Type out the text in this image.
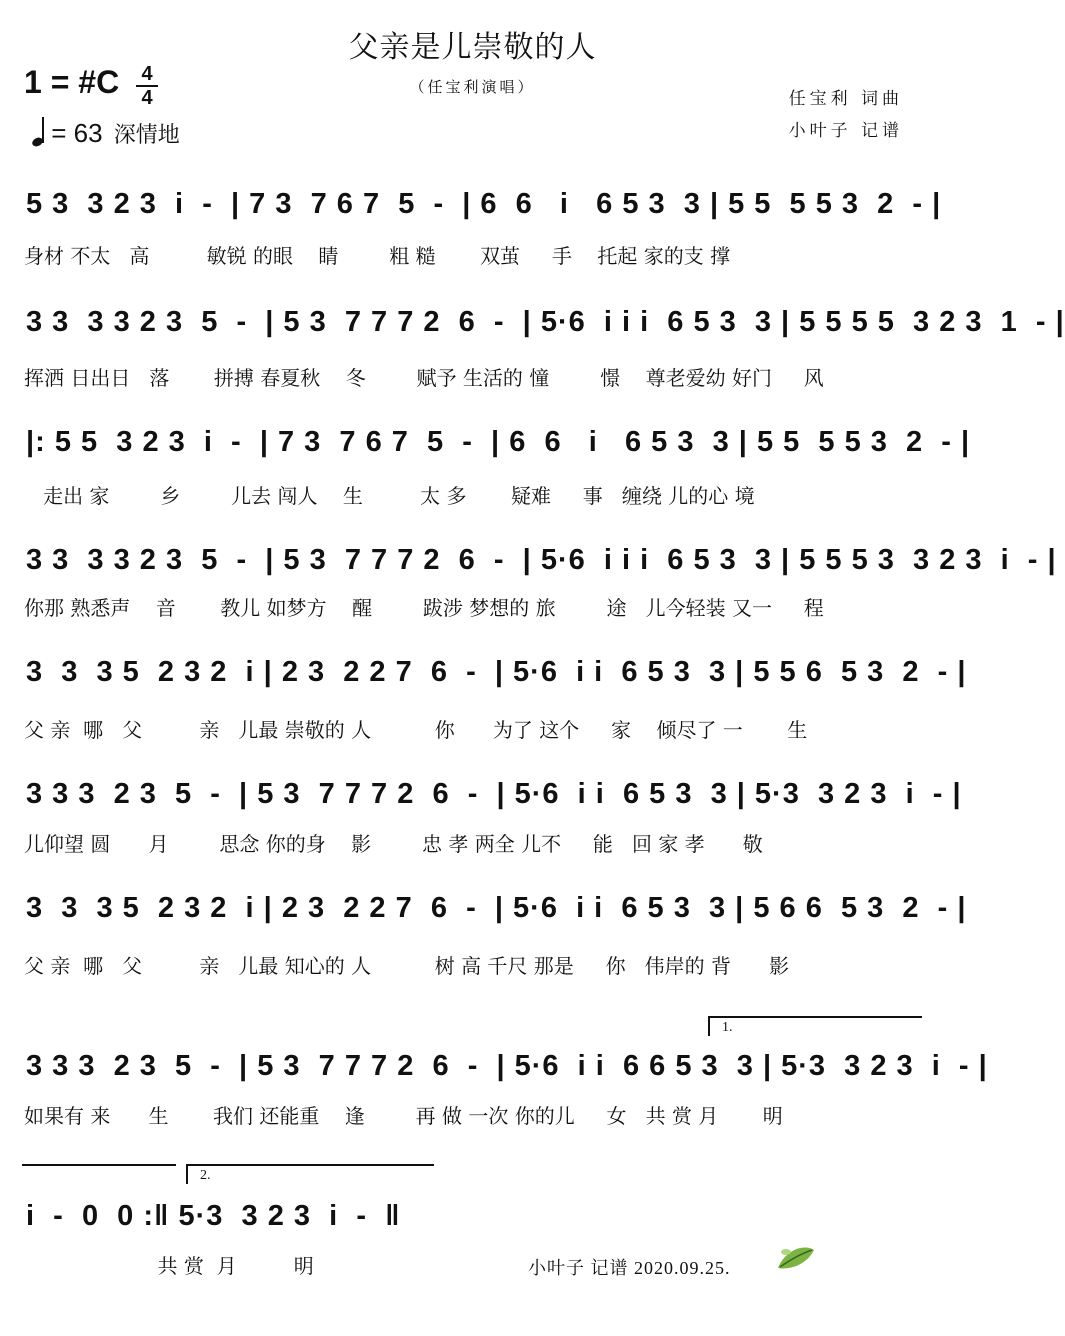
父亲是儿崇敬的人
（任宝利演唱）
任宝利 词曲
小叶子 记谱
1 = #C 4
4
= 63 深情地
5 3  3 2 3  i  -  | 7 3  7 6 7  5  -  | 6  6   i   6 5 3  3 | 5 5  5 5 3  2  - |
身材 不太   高         敏锐 的眼    睛        粗 糙       双茧     手    托起 家的支 撑
3 3  3 3 2 3  5  -  | 5 3  7 7 7 2  6  -  | 5·6  i i i  6 5 3  3 | 5 5 5 5  3 2 3  1  - |
挥洒 日出日   落       拼搏 春夏秋    冬        赋予 生活的 憧        憬    尊老爱幼 好门     风
|: 5 5  3 2 3  i  -  | 7 3  7 6 7  5  -  | 6  6   i   6 5 3  3 | 5 5  5 5 3  2  - |
走出 家        乡        儿去 闯人    生         太 多       疑难     事   缠绕 儿的心 境
3 3  3 3 2 3  5  -  | 5 3  7 7 7 2  6  -  | 5·6  i i i  6 5 3  3 | 5 5 5 3  3 2 3  i  - |
你那 熟悉声    音       教儿 如梦方    醒        跋涉 梦想的 旅        途   儿今轻装 又一     程
3  3  3 5  2 3 2  i | 2 3  2 2 7  6  -  | 5·6  i i  6 5 3  3 | 5 5 6  5 3  2  - |
父 亲  哪   父         亲   儿最 崇敬的 人          你      为了 这个     家    倾尽了 一       生
3 3 3  2 3  5  -  | 5 3  7 7 7 2  6  -  | 5·6  i i  6 5 3  3 | 5·3  3 2 3  i  - |
儿仰望 圆      月        思念 你的身    影        忠 孝 两全 儿不     能   回 家 孝      敬
3  3  3 5  2 3 2  i | 2 3  2 2 7  6  -  | 5·6  i i  6 5 3  3 | 5 6 6  5 3  2  - |
父 亲  哪   父         亲   儿最 知心的 人          树 高 千尺 那是     你   伟岸的 背      影
1.
3 3 3  2 3  5  -  | 5 3  7 7 7 2  6  -  | 5·6  i i  6 6 5 3  3 | 5·3  3 2 3  i  - |
如果有 来      生       我们 还能重    逢        再 做 一次 你的儿     女   共 赏 月       明
2.
i  -  0  0 :‖ 5·3  3 2 3  i  -  ‖
共 赏  月         明	小叶子 记谱 2020.09.25.
